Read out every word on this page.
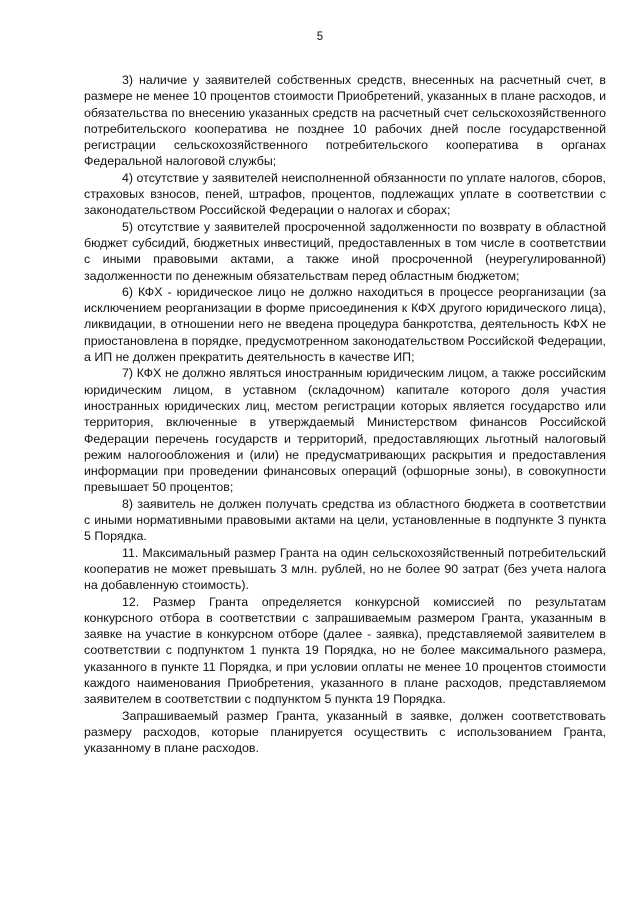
5

3) наличие у заявителей собственных средств, внесенных на расчетный счет, в размере не менее 10 процентов стоимости Приобретений, указанных в плане расходов, и обязательства по внесению указанных средств на расчетный счет сельскохозяйственного потребительского кооператива не позднее 10 рабочих дней после государственной регистрации сельскохозяйственного потребительского кооператива в органах Федеральной налоговой службы;

4) отсутствие у заявителей неисполненной обязанности по уплате налогов, сборов, страховых взносов, пеней, штрафов, процентов, подлежащих уплате в соответствии с законодательством Российской Федерации о налогах и сборах;

5) отсутствие у заявителей просроченной задолженности по возврату в областной бюджет субсидий, бюджетных инвестиций, предоставленных в том числе в соответствии с иными правовыми актами, а также иной просроченной (неурегулированной) задолженности по денежным обязательствам перед областным бюджетом;

6) КФХ - юридическое лицо не должно находиться в процессе реорганизации (за исключением реорганизации в форме присоединения к КФХ другого юридического лица), ликвидации, в отношении него не введена процедура банкротства, деятельность КФХ не приостановлена в порядке, предусмотренном законодательством Российской Федерации, а ИП не должен прекратить деятельность в качестве ИП;

7) КФХ не должно являться иностранным юридическим лицом, а также российским юридическим лицом, в уставном (складочном) капитале которого доля участия иностранных юридических лиц, местом регистрации которых является государство или территория, включенные в утверждаемый Министерством финансов Российской Федерации перечень государств и территорий, предоставляющих льготный налоговый режим налогообложения и (или) не предусматривающих раскрытия и предоставления информации при проведении финансовых операций (офшорные зоны), в совокупности превышает 50 процентов;

8) заявитель не должен получать средства из областного бюджета в соответствии с иными нормативными правовыми актами на цели, установленные в подпункте 3 пункта 5 Порядка.

11. Максимальный размер Гранта на один сельскохозяйственный потребительский кооператив не может превышать 3 млн. рублей, но не более 90 затрат (без учета налога на добавленную стоимость).

12. Размер Гранта определяется конкурсной комиссией по результатам конкурсного отбора в соответствии с запрашиваемым размером Гранта, указанным в заявке на участие в конкурсном отборе (далее - заявка), представляемой заявителем в соответствии с подпунктом 1 пункта 19 Порядка, но не более максимального размера, указанного в пункте 11 Порядка, и при условии оплаты не менее 10 процентов стоимости каждого наименования Приобретения, указанного в плане расходов, представляемом заявителем в соответствии с подпунктом 5 пункта 19 Порядка.

Запрашиваемый размер Гранта, указанный в заявке, должен соответствовать размеру расходов, которые планируется осуществить с использованием Гранта, указанному в плане расходов.
